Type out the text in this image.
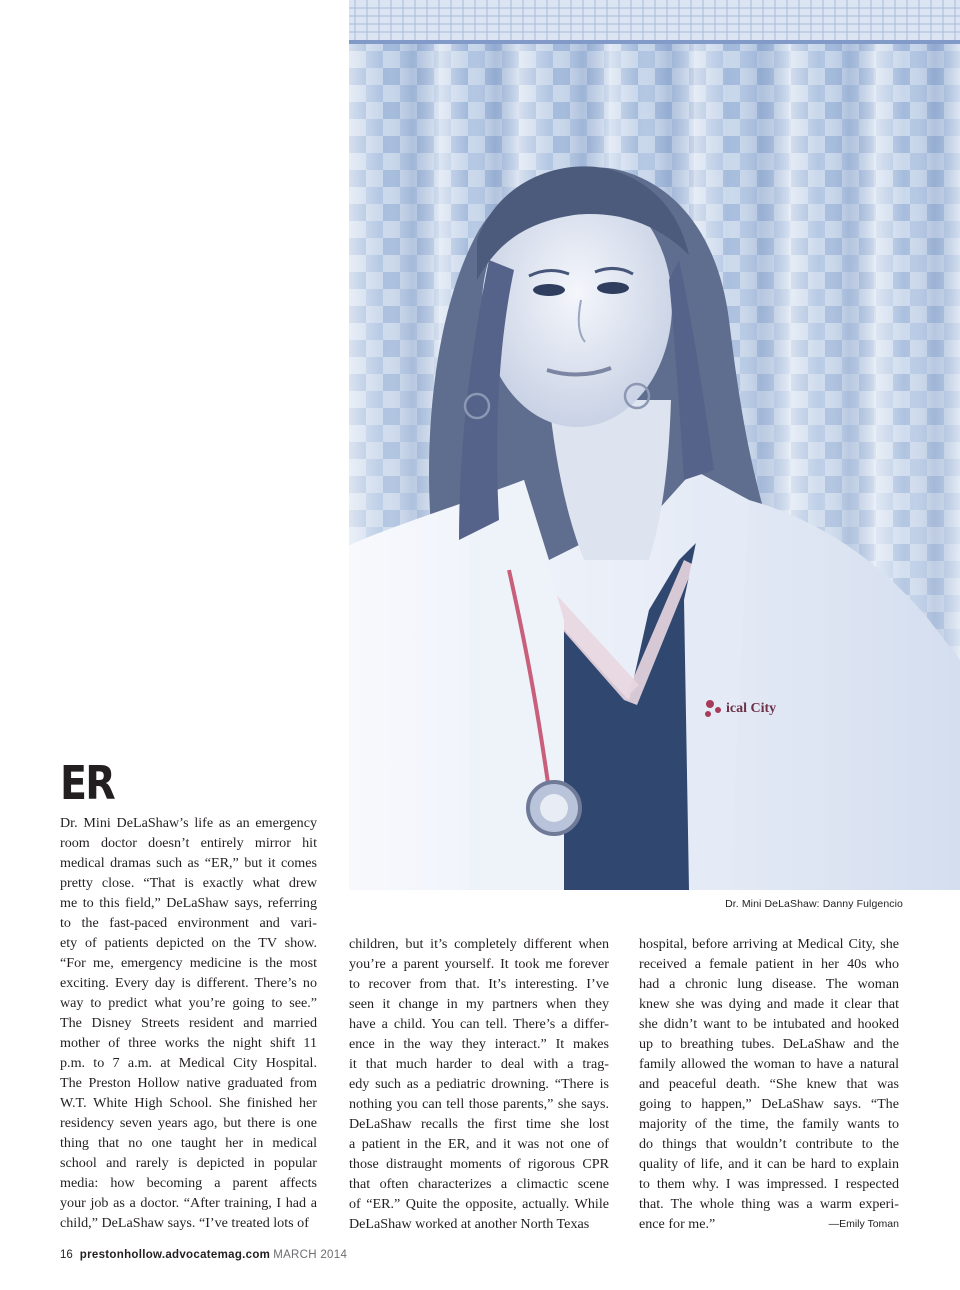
ical City
Dr. Mini DeLaShaw: Danny Fulgencio
ER
Dr. Mini DeLaShaw’s life as an emergency
room doctor doesn’t entirely mirror hit
medical dramas such as “ER,” but it comes
pretty close. “That is exactly what drew
me to this field,” DeLaShaw says, referring
to the fast-paced environment and vari-
ety of patients depicted on the TV show.
“For me, emergency medicine is the most
exciting. Every day is different. There’s no
way to predict what you’re going to see.”
The Disney Streets resident and married
mother of three works the night shift 11
p.m. to 7 a.m. at Medical City Hospital.
The Preston Hollow native graduated from
W.T. White High School. She finished her
residency seven years ago, but there is one
thing that no one taught her in medical
school and rarely is depicted in popular
media: how becoming a parent affects
your job as a doctor. “After training, I had a
child,” DeLaShaw says. “I’ve treated lots of
children, but it’s completely different when
you’re a parent yourself. It took me forever
to recover from that. It’s interesting. I’ve
seen it change in my partners when they
have a child. You can tell. There’s a differ-
ence in the way they interact.” It makes
it that much harder to deal with a trag-
edy such as a pediatric drowning. “There is
nothing you can tell those parents,” she says.
DeLaShaw recalls the first time she lost
a patient in the ER, and it was not one of
those distraught moments of rigorous CPR
that often characterizes a climactic scene
of “ER.” Quite the opposite, actually. While
DeLaShaw worked at another North Texas
hospital, before arriving at Medical City, she
received a female patient in her 40s who
had a chronic lung disease. The woman
knew she was dying and made it clear that
she didn’t want to be intubated and hooked
up to breathing tubes. DeLaShaw and the
family allowed the woman to have a natural
and peaceful death. “She knew that was
going to happen,” DeLaShaw says. “The
majority of the time, the family wants to
do things that wouldn’t contribute to the
quality of life, and it can be hard to explain
to them why. I was impressed. I respected
that. The whole thing was a warm experi-
ence for me.”	—Emily Toman
16 prestonhollow.advocatemag.com MARCH 2014
